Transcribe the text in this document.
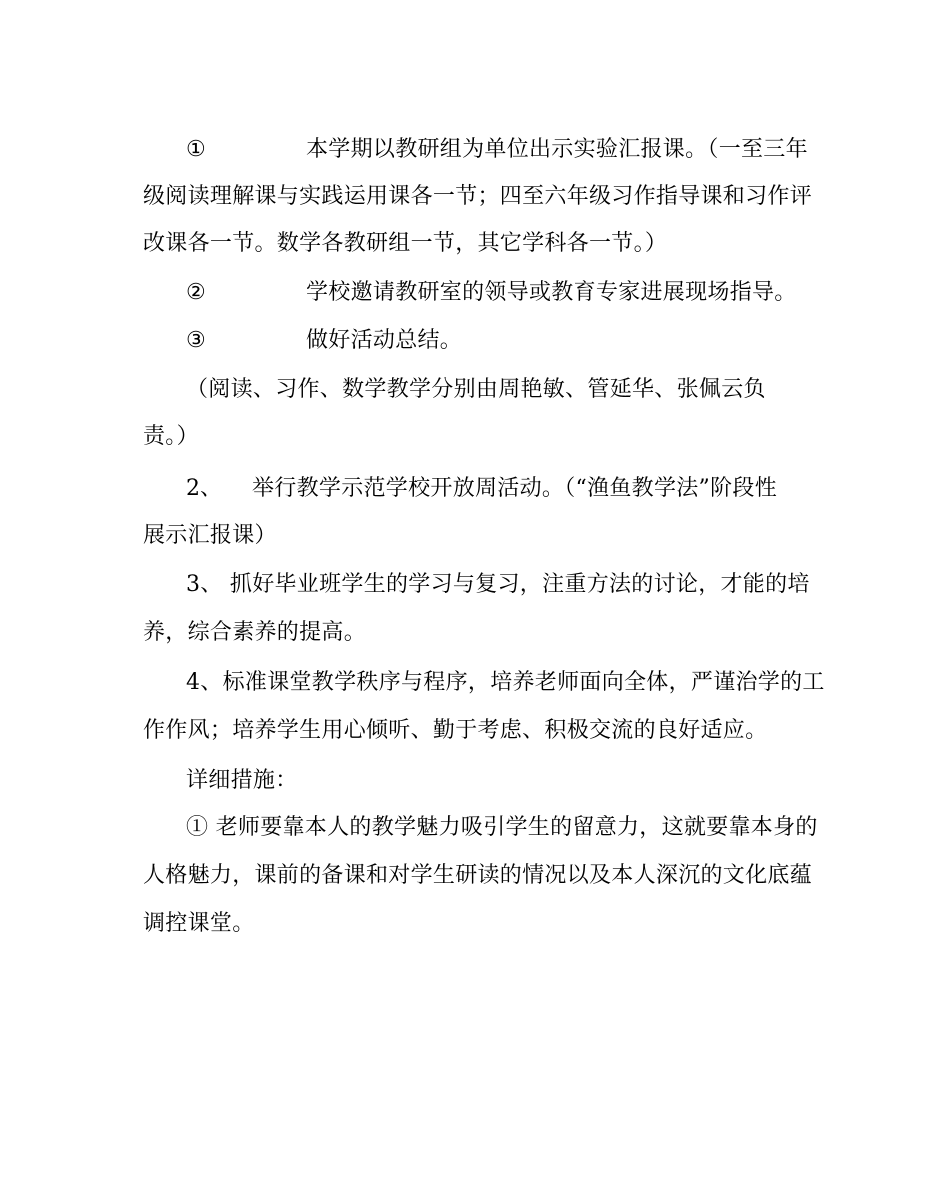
①	本学期以教研组为单位出示实验汇报课。（一至三年
级阅读理解课与实践运用课各一节；四至六年级习作指导课和习作评
改课各一节。数学各教研组一节，其它学科各一节。）
②	学校邀请教研室的领导或教育专家进展现场指导。
③	做好活动总结。
（阅读、习作、数学教学分别由周艳敏、管延华、张佩云负
责。）
2、 举行教学示范学校开放周活动。（“渔鱼教学法”阶段性
展示汇报课）
3、 抓好毕业班学生的学习与复习，注重方法的讨论，才能的培
养，综合素养的提高。
4、标准课堂教学秩序与程序，培养老师面向全体，严谨治学的工
作作风；培养学生用心倾听、勤于考虑、积极交流的良好适应。
详细措施：
① 老师要靠本人的教学魅力吸引学生的留意力，这就要靠本身的
人格魅力，课前的备课和对学生研读的情况以及本人深沉的文化底蕴
调控课堂。
